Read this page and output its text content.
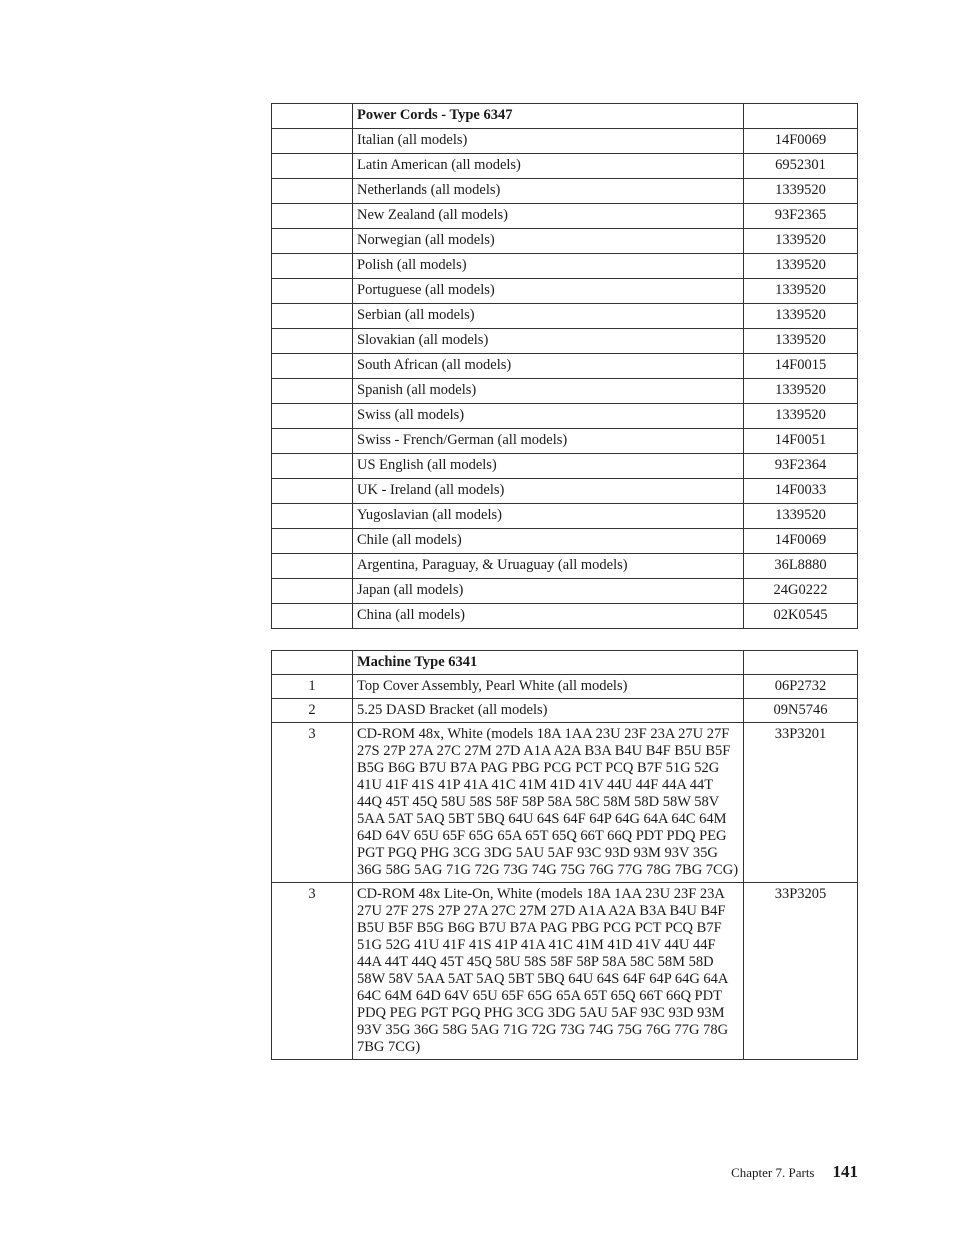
	Power Cords - Type 6347	
	Italian (all models)	14F0069
	Latin American (all models)	6952301
	Netherlands (all models)	1339520
	New Zealand (all models)	93F2365
	Norwegian (all models)	1339520
	Polish (all models)	1339520
	Portuguese (all models)	1339520
	Serbian (all models)	1339520
	Slovakian (all models)	1339520
	South African (all models)	14F0015
	Spanish (all models)	1339520
	Swiss (all models)	1339520
	Swiss - French/German (all models)	14F0051
	US English (all models)	93F2364
	UK - Ireland (all models)	14F0033
	Yugoslavian (all models)	1339520
	Chile (all models)	14F0069
	Argentina, Paraguay, & Uruaguay (all models)	36L8880
	Japan (all models)	24G0222
	China (all models)	02K0545
	Machine Type 6341	
1	Top Cover Assembly, Pearl White (all models)	06P2732
2	5.25 DASD Bracket (all models)	09N5746
3	CD-ROM 48x, White (models 18A 1AA 23U 23F 23A 27U 27F 27S 27P 27A 27C 27M 27D A1A A2A B3A B4U B4F B5U B5F B5G B6G B7U B7A PAG PBG PCG PCT PCQ B7F 51G 52G 41U 41F 41S 41P 41A 41C 41M 41D 41V 44U 44F 44A 44T 44Q 45T 45Q 58U 58S 58F 58P 58A 58C 58M 58D 58W 58V 5AA 5AT 5AQ 5BT 5BQ 64U 64S 64F 64P 64G 64A 64C 64M 64D 64V 65U 65F 65G 65A 65T 65Q 66T 66Q PDT PDQ PEG PGT PGQ PHG 3CG 3DG 5AU 5AF 93C 93D 93M 93V 35G 36G 58G 5AG 71G 72G 73G 74G 75G 76G 77G 78G 7BG 7CG)	33P3201
3	CD-ROM 48x Lite-On, White (models 18A 1AA 23U 23F 23A 27U 27F 27S 27P 27A 27C 27M 27D A1A A2A B3A B4U B4F B5U B5F B5G B6G B7U B7A PAG PBG PCG PCT PCQ B7F 51G 52G 41U 41F 41S 41P 41A 41C 41M 41D 41V 44U 44F 44A 44T 44Q 45T 45Q 58U 58S 58F 58P 58A 58C 58M 58D 58W 58V 5AA 5AT 5AQ 5BT 5BQ 64U 64S 64F 64P 64G 64A 64C 64M 64D 64V 65U 65F 65G 65A 65T 65Q 66T 66Q PDT PDQ PEG PGT PGQ PHG 3CG 3DG 5AU 5AF 93C 93D 93M 93V 35G 36G 58G 5AG 71G 72G 73G 74G 75G 76G 77G 78G 7BG 7CG)	33P3205
Chapter 7. Parts 141
